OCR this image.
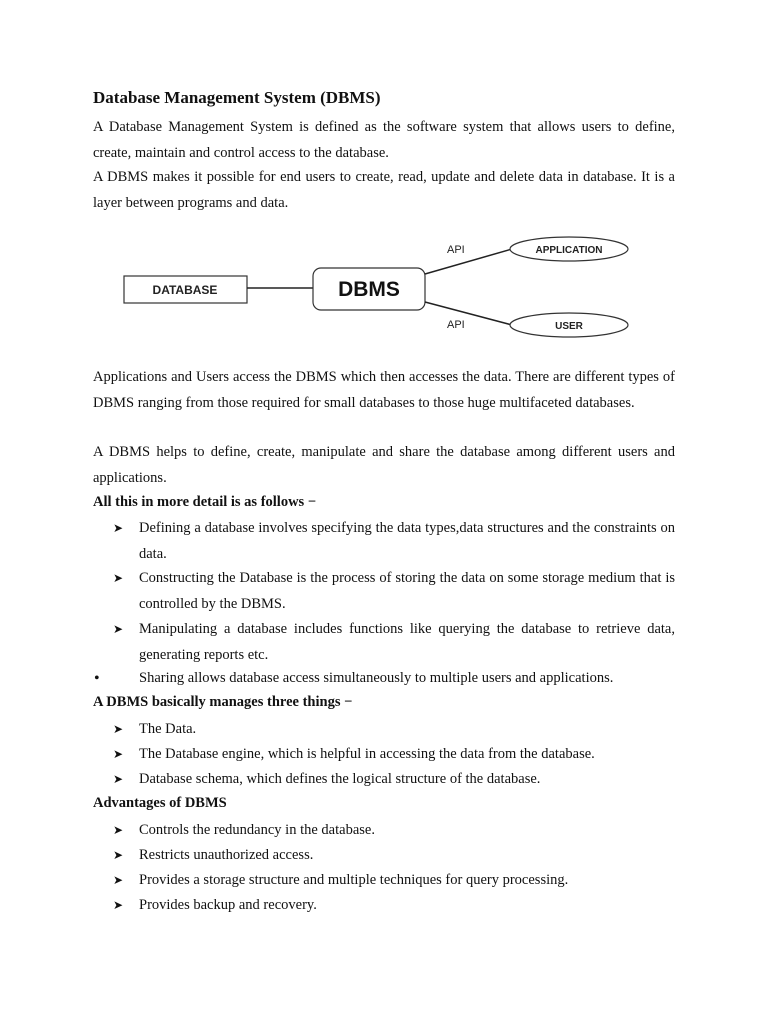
Database Management System (DBMS)

A Database Management System is defined as the software system that allows users to define, create, maintain and control access to the database.

A DBMS makes it possible for end users to create, read, update and delete data in database. It is a layer between programs and data.

DATABASE	DBMS
API
API
APPLICATION
USER

Applications and Users access the DBMS which then accesses the data. There are different types of DBMS ranging from those required for small databases to those huge multifaceted databases.

A DBMS helps to define, create, manipulate and share the database among different users and applications.

All this in more detail is as follows −
➤ Defining a database involves specifying the data types,data structures and the constraints on data.

➤ Constructing the Database is the process of storing the data on some storage medium that is controlled by the DBMS.

➤ Manipulating a database includes functions like querying the database to retrieve data, generating reports etc.

•	Sharing allows database access simultaneously to multiple users and applications.

A DBMS basically manages three things −
➤ The Data.

➤ The Database engine, which is helpful in accessing the data from the database.

➤ Database schema, which defines the logical structure of the database.

Advantages of DBMS
➤ Controls the redundancy in the database.

➤ Restricts unauthorized access.

➤ Provides a storage structure and multiple techniques for query processing.

➤ Provides backup and recovery.
